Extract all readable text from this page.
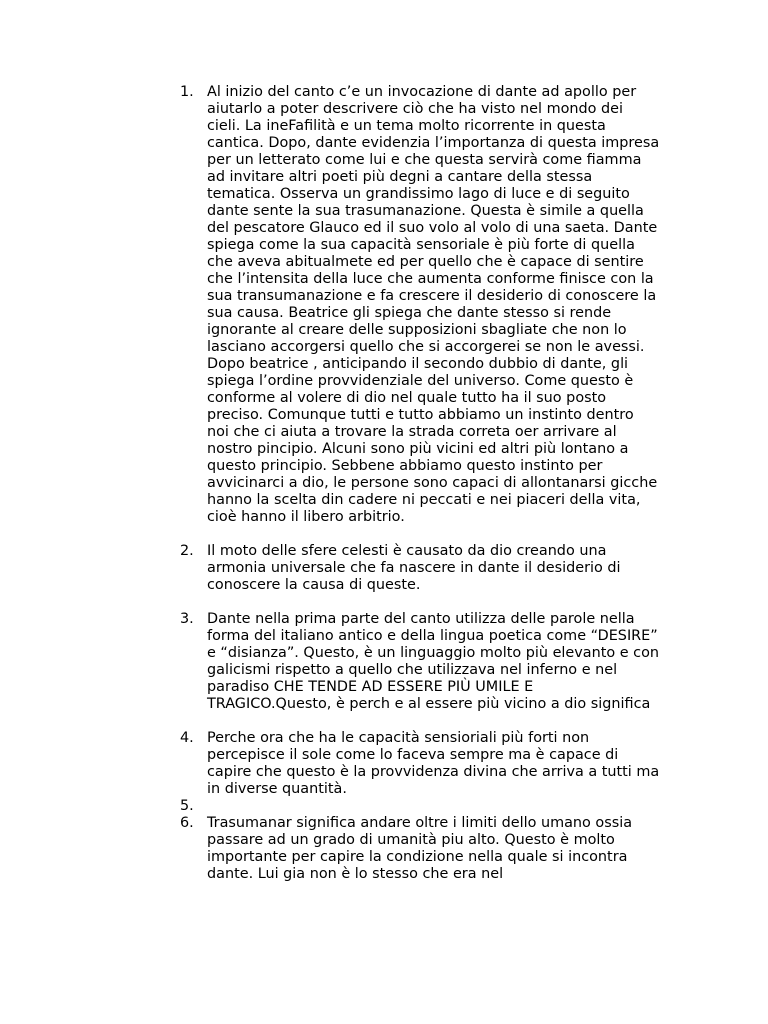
1. Al inizio del canto c’e un invocazione di dante ad apollo per aiutarlo a poter descrivere ciò che ha visto nel mondo dei cieli. La ineFafilità e un tema molto ricorrente in questa cantica. Dopo, dante evidenzia l’importanza di questa impresa per un letterato come lui e che questa servirà come fiamma ad invitare altri poeti più degni a cantare della stessa tematica. Osserva un grandissimo lago di luce e di seguito dante sente la sua trasumanazione. Questa è simile a quella del pescatore Glauco ed il suo volo al volo di una saeta. Dante spiega come la sua capacità sensoriale è più forte di quella che aveva abitualmete ed per quello che è capace di sentire che l’intensita della luce che aumenta conforme finisce con la sua transumanazione e fa crescere il desiderio di conoscere la sua causa. Beatrice gli spiega che dante stesso si rende ignorante al creare delle supposizioni sbagliate che non lo lasciano accorgersi quello che si accorgerei se non le avessi. Dopo beatrice , anticipando il secondo dubbio di dante, gli spiega l’ordine provvidenziale del universo. Come questo è conforme al volere di dio nel quale tutto ha il suo posto preciso. Comunque tutti e tutto abbiamo un instinto dentro noi che ci aiuta a trovare la strada correta oer arrivare al nostro pincipio. Alcuni sono più vicini ed altri più lontano a questo principio. Sebbene abbiamo questo instinto per avvicinarci a dio, le persone sono capaci di allontanarsi gicche hanno la scelta din cadere ni peccati e nei piaceri della vita, cioè hanno il libero arbitrio.
2. Il moto delle sfere celesti è causato da dio creando una armonia universale che fa nascere in dante il desiderio di conoscere la causa di queste.
3. Dante nella prima parte del canto utilizza delle parole nella forma del italiano antico e della lingua poetica come “DESIRE” e “disianza”. Questo, è un linguaggio molto più elevanto e con galicismi rispetto a quello che utilizzava nel inferno e nel paradiso CHE TENDE AD ESSERE PIÙ UMILE E TRAGICO.Questo, è perch e al essere più vicino a dio significa
4. Perche ora che ha le capacità sensioriali più forti non percepisce il sole come lo faceva sempre ma è capace di capire che questo è la provvidenza divina che arriva a tutti ma in diverse quantità.
5.
6. Trasumanar significa andare oltre i limiti dello umano ossia passare ad un grado di umanità piu alto. Questo è molto importante per capire la condizione nella quale si incontra dante. Lui gia non è lo stesso che era nel
